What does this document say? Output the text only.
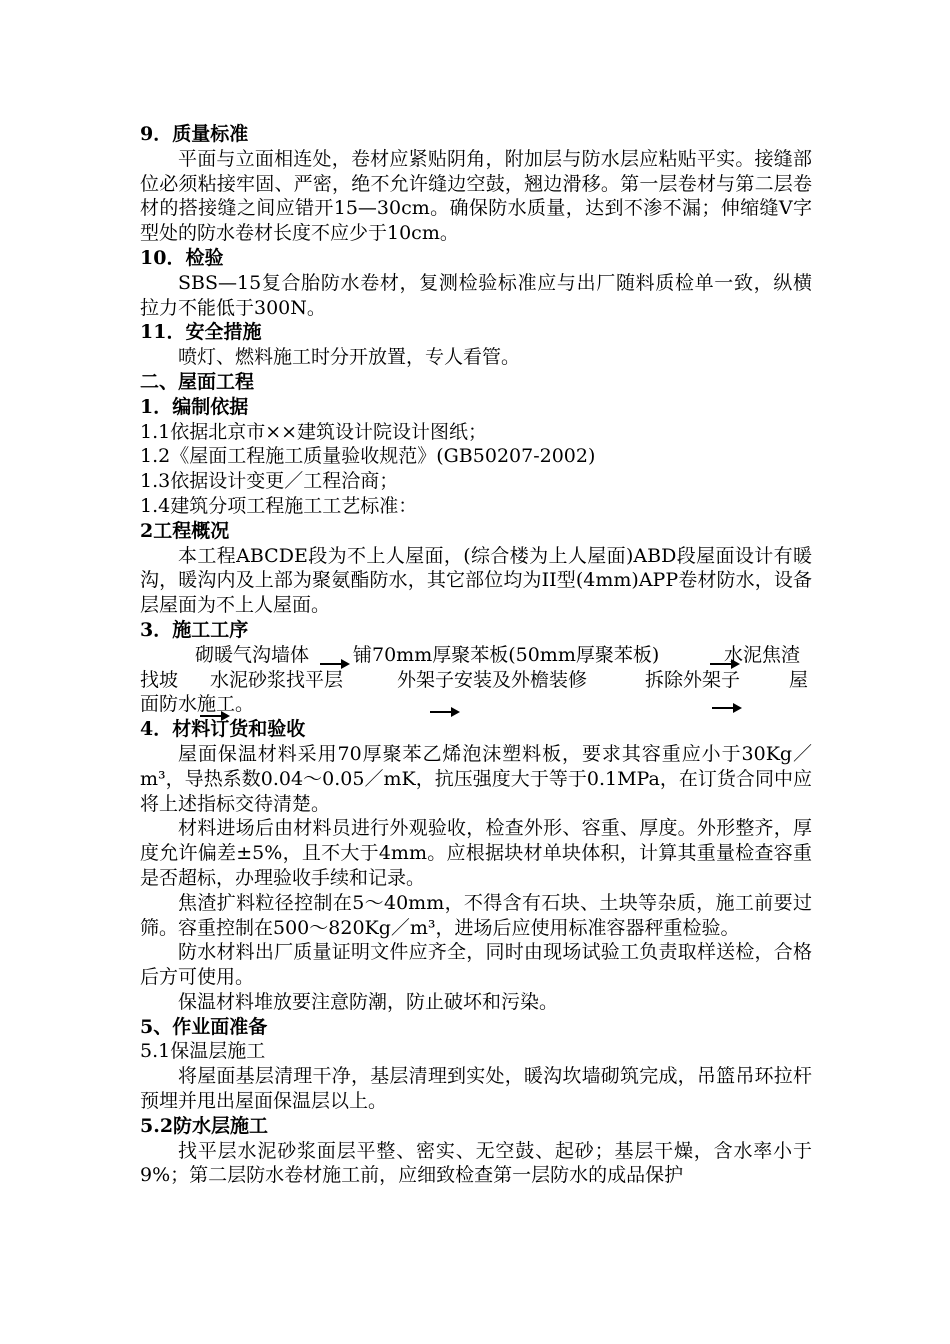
9．质量标准
平面与立面相连处，卷材应紧贴阴角，附加层与防水层应粘贴平实。接缝部位必须粘接牢固、严密，绝不允许缝边空鼓，翘边滑移。第一层卷材与第二层卷材的搭接缝之间应错开15—30cm。确保防水质量，达到不渗不漏；伸缩缝V字型处的防水卷材长度不应少于10cm。
10．检验
SBS—15复合胎防水卷材，复测检验标准应与出厂随料质检单一致，纵横拉力不能低于300N。
11．安全措施
喷灯、燃料施工时分开放置，专人看管。
二、屋面工程
1．编制依据
1.1依据北京市××建筑设计院设计图纸；
1.2《屋面工程施工质量验收规范》(GB50207-2002)
1.3依据设计变更／工程洽商；
1.4建筑分项工程施工工艺标准：
2工程概况
本工程ABCDE段为不上人屋面，(综合楼为上人屋面)ABD段屋面设计有暖沟，暖沟内及上部为聚氨酯防水，其它部位均为II型(4mm)APP卷材防水，设备层屋面为不上人屋面。
3．施工工序
砌暖气沟墙体 铺70mm厚聚苯板(50mm厚聚苯板)	水泥焦渣
找坡 水泥砂浆找平层	外架子安装及外檐装修	拆除外架子	屋
面防水施工。
4．材料订货和验收
屋面保温材料采用70厚聚苯乙烯泡沫塑料板，要求其容重应小于30Kg／m³，导热系数0.04～0.05／mK，抗压强度大于等于0.1MPa，在订货合同中应将上述指标交待清楚。
材料进场后由材料员进行外观验收，检查外形、容重、厚度。外形整齐，厚度允许偏差±5%，且不大于4mm。应根据块材单块体积，计算其重量检查容重是否超标，办理验收手续和记录。
焦渣扩料粒径控制在5～40mm，不得含有石块、土块等杂质，施工前要过筛。容重控制在500～820Kg／m³，进场后应使用标准容器秤重检验。
防水材料出厂质量证明文件应齐全，同时由现场试验工负责取样送检，合格后方可使用。
保温材料堆放要注意防潮，防止破坏和污染。
5、作业面准备
5.1保温层施工
将屋面基层清理干净，基层清理到实处，暖沟坎墙砌筑完成，吊篮吊环拉杆预埋并甩出屋面保温层以上。
5.2防水层施工
找平层水泥砂浆面层平整、密实、无空鼓、起砂；基层干燥，含水率小于9%；第二层防水卷材施工前，应细致检查第一层防水的成品保护
